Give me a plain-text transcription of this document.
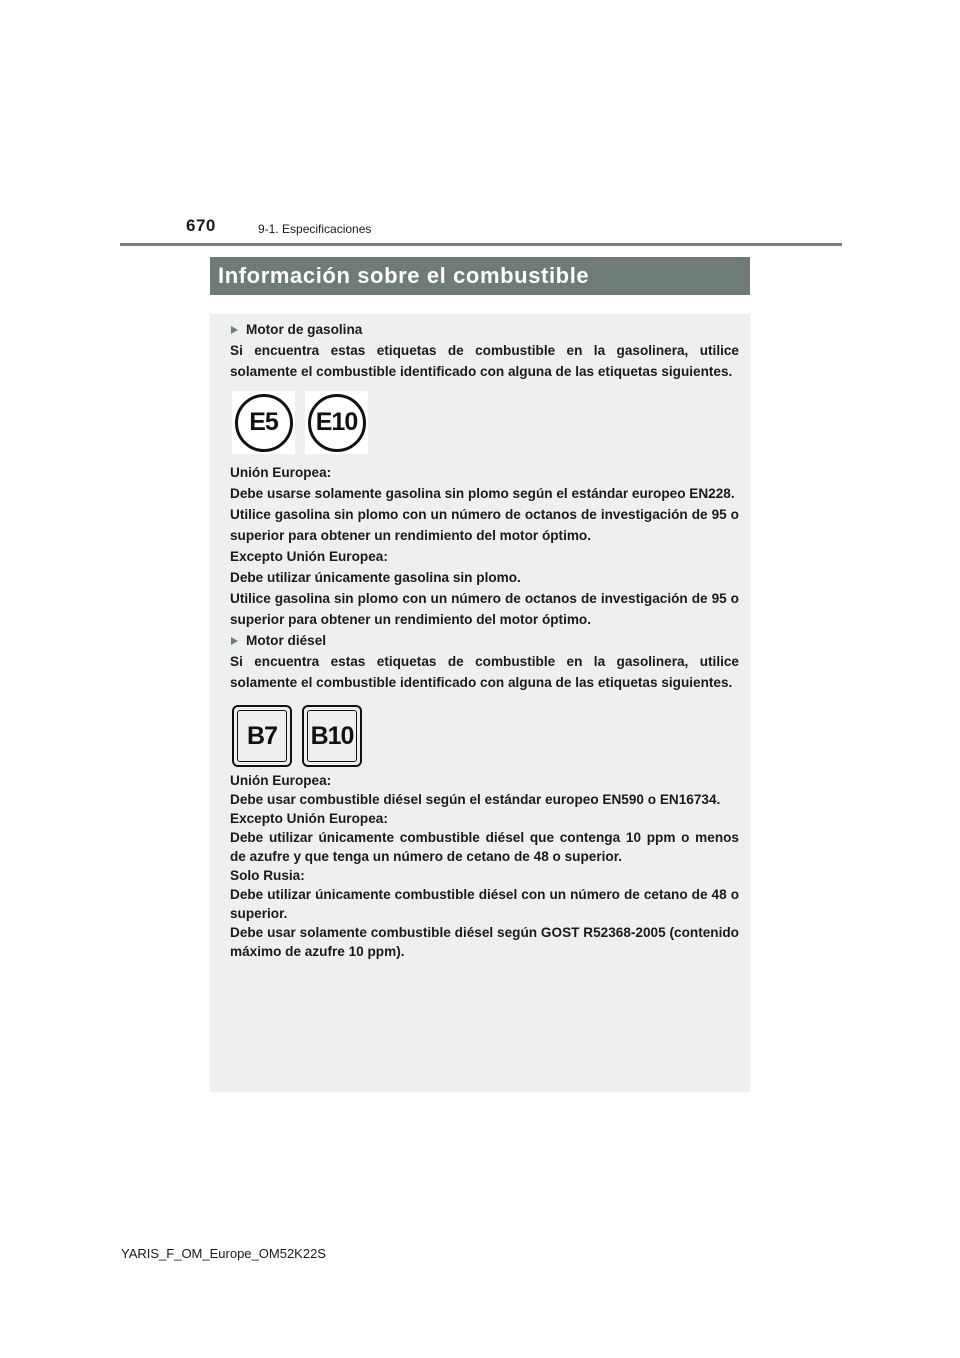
670	9-1. Especificaciones
Información sobre el combustible

Motor de gasolina

Si encuentra estas etiquetas de combustible en la gasolinera, utilice solamente el combustible identificado con alguna de las etiquetas siguientes.

E5 E10

Unión Europea:

Debe usarse solamente gasolina sin plomo según el estándar europeo EN228.

Utilice gasolina sin plomo con un número de octanos de investigación de 95 o superior para obtener un rendimiento del motor óptimo.

Excepto Unión Europea:

Debe utilizar únicamente gasolina sin plomo.

Utilice gasolina sin plomo con un número de octanos de investigación de 95 o superior para obtener un rendimiento del motor óptimo.

Motor diésel

Si encuentra estas etiquetas de combustible en la gasolinera, utilice solamente el combustible identificado con alguna de las etiquetas siguientes.

B7 B10

Unión Europea:

Debe usar combustible diésel según el estándar europeo EN590 o EN16734.

Excepto Unión Europea:

Debe utilizar únicamente combustible diésel que contenga 10 ppm o menos de azufre y que tenga un número de cetano de 48 o superior.

Solo Rusia:

Debe utilizar únicamente combustible diésel con un número de cetano de 48 o superior.

Debe usar solamente combustible diésel según GOST R52368-2005 (contenido máximo de azufre 10 ppm).

YARIS_F_OM_Europe_OM52K22S
